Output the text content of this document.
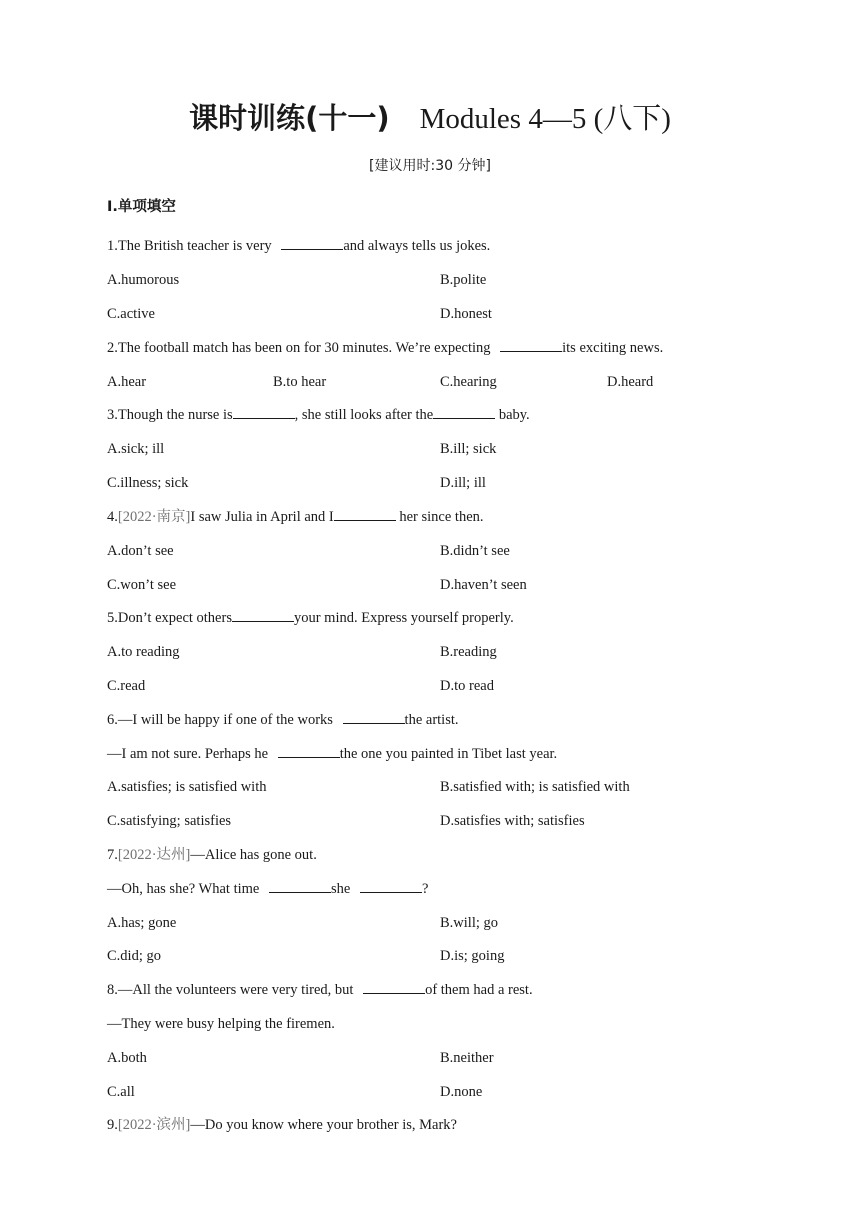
课时训练(十一) Modules 4—5 (八下)
[建议用时:30 分钟]
Ⅰ.单项填空
1.The British teacher is very	and always tells us jokes.
A.humorous	B.polite
C.active	D.honest
2.The football match has been on for 30 minutes. We’re expecting	its exciting news.
A.hear	B.to hear	C.hearing	D.heard
3.Though the nurse is	, she still looks after the	baby.
A.sick; ill	B.ill; sick
C.illness; sick	D.ill; ill
4.[2022·南京]I saw Julia in April and I	her since then.
A.don’t see	B.didn’t see
C.won’t see	D.haven’t seen
5.Don’t expect others	your mind. Express yourself properly.
A.to reading	B.reading
C.read	D.to read
6.—I will be happy if one of the works	the artist.
—I am not sure. Perhaps he	the one you painted in Tibet last year.
A.satisfies; is satisfied with	B.satisfied with; is satisfied with
C.satisfying; satisfies	D.satisfies with; satisfies
7.[2022·达州]—Alice has gone out.
—Oh, has she? What time	she	?
A.has; gone	B.will; go
C.did; go	D.is; going
8.—All the volunteers were very tired, but	of them had a rest.
—They were busy helping the firemen.
A.both	B.neither
C.all	D.none
9.[2022·滨州]—Do you know where your brother is, Mark?
